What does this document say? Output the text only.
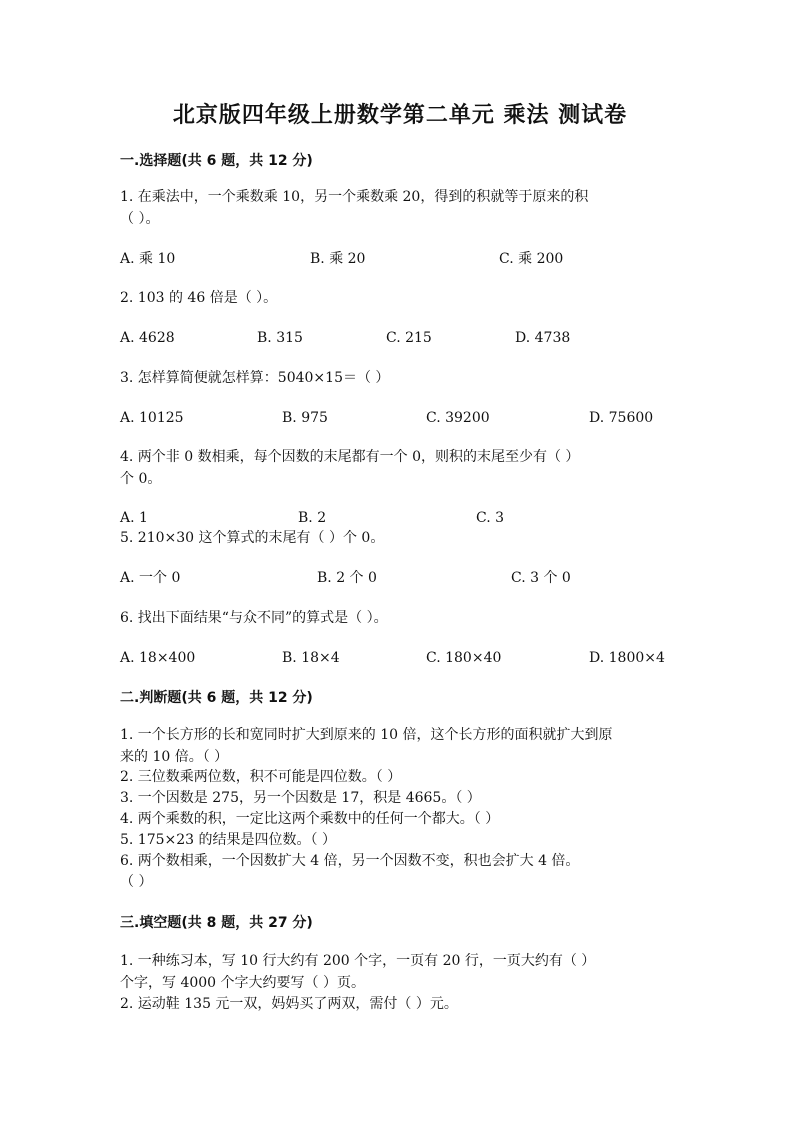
北京版四年级上册数学第二单元 乘法 测试卷
一.选择题(共 6 题，共 12 分)
1. 在乘法中，一个乘数乘 10，另一个乘数乘 20，得到的积就等于原来的积
（ ）。
A. 乘 10	B. 乘 20	C. 乘 200
2. 103 的 46 倍是（ ）。
A. 4628	B. 315	C. 215	D. 4738
3. 怎样算简便就怎样算：5040×15＝（ ）
A. 10125	B. 975	C. 39200	D. 75600
4. 两个非 0 数相乘，每个因数的末尾都有一个 0，则积的末尾至少有（ ）
个 0。
A. 1	B. 2	C. 3
5. 210×30 这个算式的末尾有（ ）个 0。
A. 一个 0	B. 2 个 0	C. 3 个 0
6. 找出下面结果“与众不同”的算式是（ ）。
A. 18×400	B. 18×4	C. 180×40	D. 1800×4
二.判断题(共 6 题，共 12 分)
1. 一个长方形的长和宽同时扩大到原来的 10 倍，这个长方形的面积就扩大到原
来的 10 倍。（ ）
2. 三位数乘两位数，积不可能是四位数。（ ）
3. 一个因数是 275，另一个因数是 17，积是 4665。（ ）
4. 两个乘数的积，一定比这两个乘数中的任何一个都大。（ ）
5. 175×23 的结果是四位数。（ ）
6. 两个数相乘，一个因数扩大 4 倍，另一个因数不变，积也会扩大 4 倍。
（ ）
三.填空题(共 8 题，共 27 分)
1. 一种练习本，写 10 行大约有 200 个字，一页有 20 行，一页大约有（ ）
个字，写 4000 个字大约要写（ ）页。
2. 运动鞋 135 元一双，妈妈买了两双，需付（ ）元。
